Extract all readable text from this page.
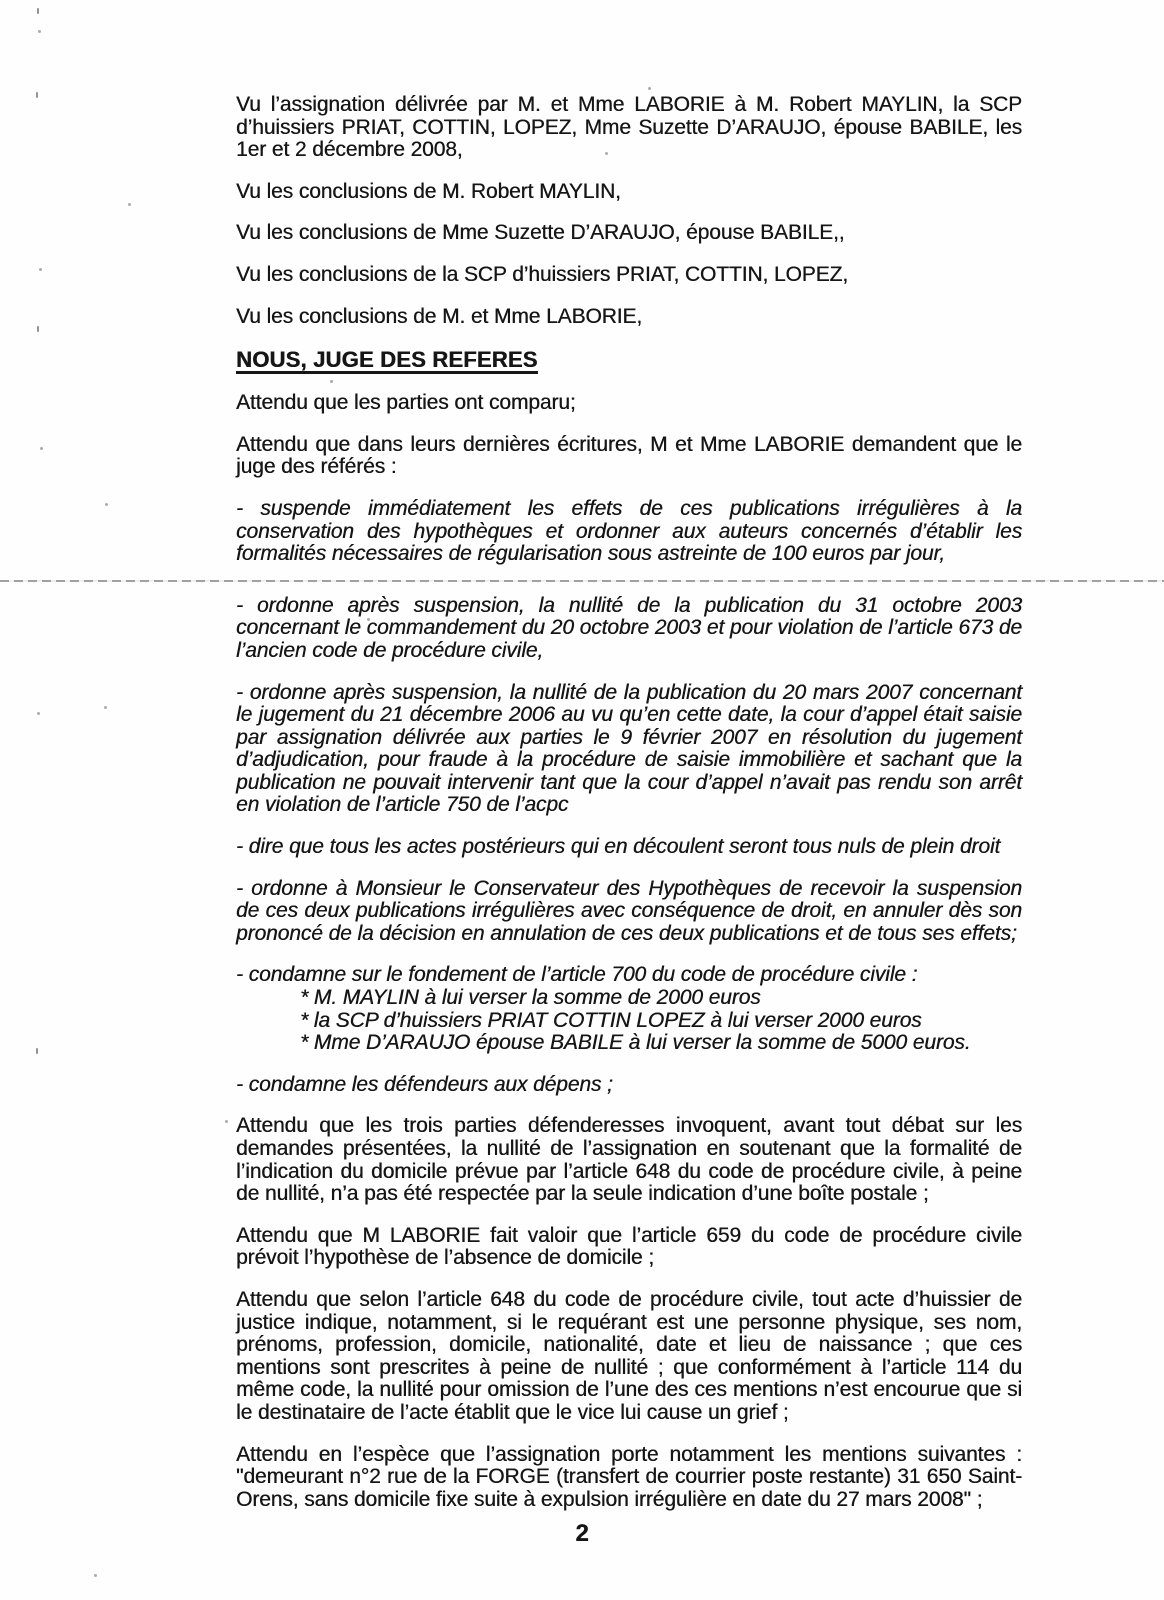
Vu l’assignation délivrée par M. et Mme LABORIE à M. Robert MAYLIN, la SCP d’huissiers PRIAT, COTTIN, LOPEZ, Mme Suzette D’ARAUJO, épouse BABILE, les 1er et 2 décembre 2008,

Vu les conclusions de M. Robert MAYLIN,

Vu les conclusions de Mme Suzette D’ARAUJO, épouse BABILE,,

Vu les conclusions de la SCP d’huissiers PRIAT, COTTIN, LOPEZ,

Vu les conclusions de M. et Mme LABORIE,

NOUS, JUGE DES REFERES

Attendu que les parties ont comparu;

Attendu que dans leurs dernières écritures, M et Mme LABORIE demandent que le juge des référés :

- suspende immédiatement les effets de ces publications irrégulières à la conservation des hypothèques et ordonner aux auteurs concernés d’établir les formalités nécessaires de régularisation sous astreinte de 100 euros par jour,

- ordonne après suspension, la nullité de la publication du 31 octobre 2003 concernant le commandement du 20 octobre 2003 et pour violation de l’article 673 de l’ancien code de procédure civile,

- ordonne après suspension, la nullité de la publication du 20 mars 2007 concernant le jugement du 21 décembre 2006 au vu qu’en cette date, la cour d’appel était saisie par assignation délivrée aux parties le 9 février 2007 en résolution du jugement d’adjudication, pour fraude à la procédure de saisie immobilière et sachant que la publication ne pouvait intervenir tant que la cour d’appel n’avait pas rendu son arrêt en violation de l’article 750 de l’acpc

- dire que tous les actes postérieurs qui en découlent seront tous nuls de plein droit

- ordonne à Monsieur le Conservateur des Hypothèques de recevoir la suspension de ces deux publications irrégulières avec conséquence de droit, en annuler dès son prononcé de la décision en annulation de ces deux publications et de tous ses effets;

- condamne sur le fondement de l’article 700 du code de procédure civile :

* M. MAYLIN à lui verser la somme de 2000 euros

* la SCP d’huissiers PRIAT COTTIN LOPEZ à lui verser 2000 euros

* Mme D’ARAUJO épouse BABILE à lui verser la somme de 5000 euros.

- condamne les défendeurs aux dépens ;

Attendu que les trois parties défenderesses invoquent, avant tout débat sur les demandes présentées, la nullité de l’assignation en soutenant que la formalité de l’indication du domicile prévue par l’article 648 du code de procédure civile, à peine de nullité, n’a pas été respectée par la seule indication d’une boîte postale ;

Attendu que M LABORIE fait valoir que l’article 659 du code de procédure civile prévoit l’hypothèse de l’absence de domicile ;

Attendu que selon l’article 648 du code de procédure civile, tout acte d’huissier de justice indique, notamment, si le requérant est une personne physique, ses nom, prénoms, profession, domicile, nationalité, date et lieu de naissance ; que ces mentions sont prescrites à peine de nullité ; que conformément à l’article 114 du même code, la nullité pour omission de l’une des ces mentions n’est encourue que si le destinataire de l’acte établit que le vice lui cause un grief ;

Attendu en l’espèce que l’assignation porte notamment les mentions suivantes : "demeurant n°2 rue de la FORGE (transfert de courrier poste restante) 31 650 Saint-Orens, sans domicile fixe suite à expulsion irrégulière en date du 27 mars 2008" ;

2
